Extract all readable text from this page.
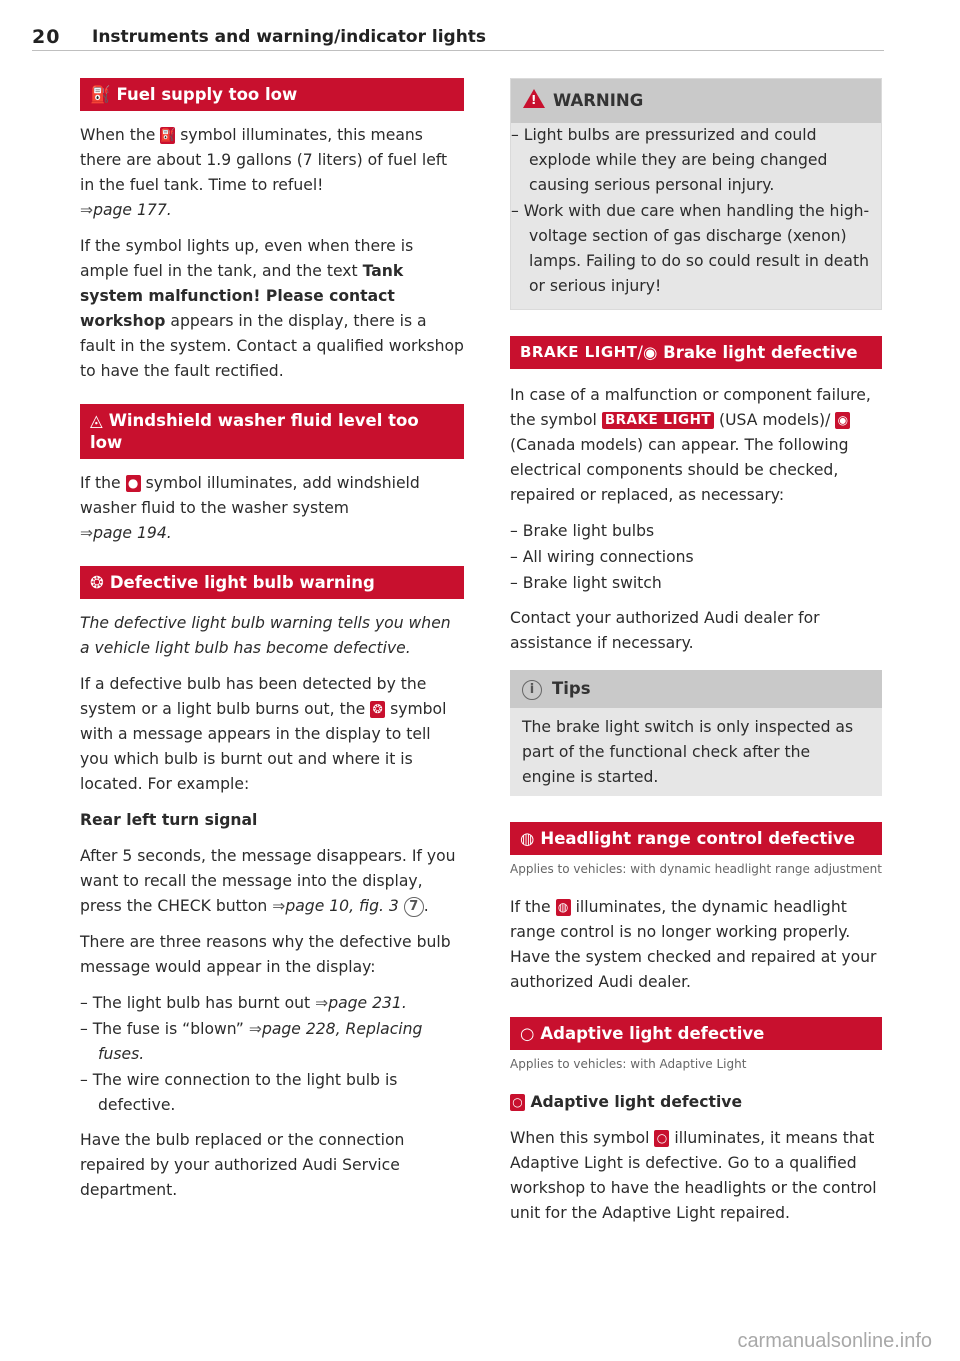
20 Instruments and warning/indicator lights
⛽ Fuel supply too low

When the ⛽ symbol illuminates, this means there are about 1.9 gallons (7 liters) of fuel left in the fuel tank. Time to refuel!
⇒page 177.

If the symbol lights up, even when there is ample fuel in the tank, and the text Tank system malfunction! Please contact workshop appears in the display, there is a fault in the system. Contact a qualified workshop to have the fault rectified.

◬ Windshield washer fluid level too low

If the ● symbol illuminates, add windshield washer fluid to the washer system
⇒page 194.

❂ Defective light bulb warning

The defective light bulb warning tells you when a vehicle light bulb has become defective.

If a defective bulb has been detected by the system or a light bulb burns out, the ❂ symbol with a message appears in the display to tell you which bulb is burnt out and where it is located. For example:

Rear left turn signal

After 5 seconds, the message disappears. If you want to recall the message into the display, press the CHECK button ⇒page 10, fig. 3 7 .

There are three reasons why the defective bulb message would appear in the display:

– The light bulb has burnt out ⇒page 231.
– The fuse is “blown” ⇒page 228, Replacing fuses.
– The wire connection to the light bulb is defective.

Have the bulb replaced or the connection repaired by your authorized Audi Service department.

! WARNING
– Light bulbs are pressurized and could explode while they are being changed causing serious personal injury.
– Work with due care when handling the high-voltage section of gas discharge (xenon) lamps. Failing to do so could result in death or serious injury!
BRAKE LIGHT/◉ Brake light defective

In case of a malfunction or component failure, the symbol BRAKE LIGHT (USA models)/ ◉ (Canada models) can appear. The following electrical components should be checked, repaired or replaced, as necessary:

– Brake light bulbs
– All wiring connections
– Brake light switch

Contact your authorized Audi dealer for assistance if necessary.

i Tips
The brake light switch is only inspected as part of the functional check after the engine is started.
◍ Headlight range control defective
Applies to vehicles: with dynamic headlight range adjustment

If the ◍ illuminates, the dynamic headlight range control is no longer working properly. Have the system checked and repaired at your authorized Audi dealer.

○ Adaptive light defective
Applies to vehicles: with Adaptive Light

○ Adaptive light defective

When this symbol ○ illuminates, it means that Adaptive Light is defective. Go to a qualified workshop to have the headlights or the control unit for the Adaptive Light repaired.

carmanualsonline.info
